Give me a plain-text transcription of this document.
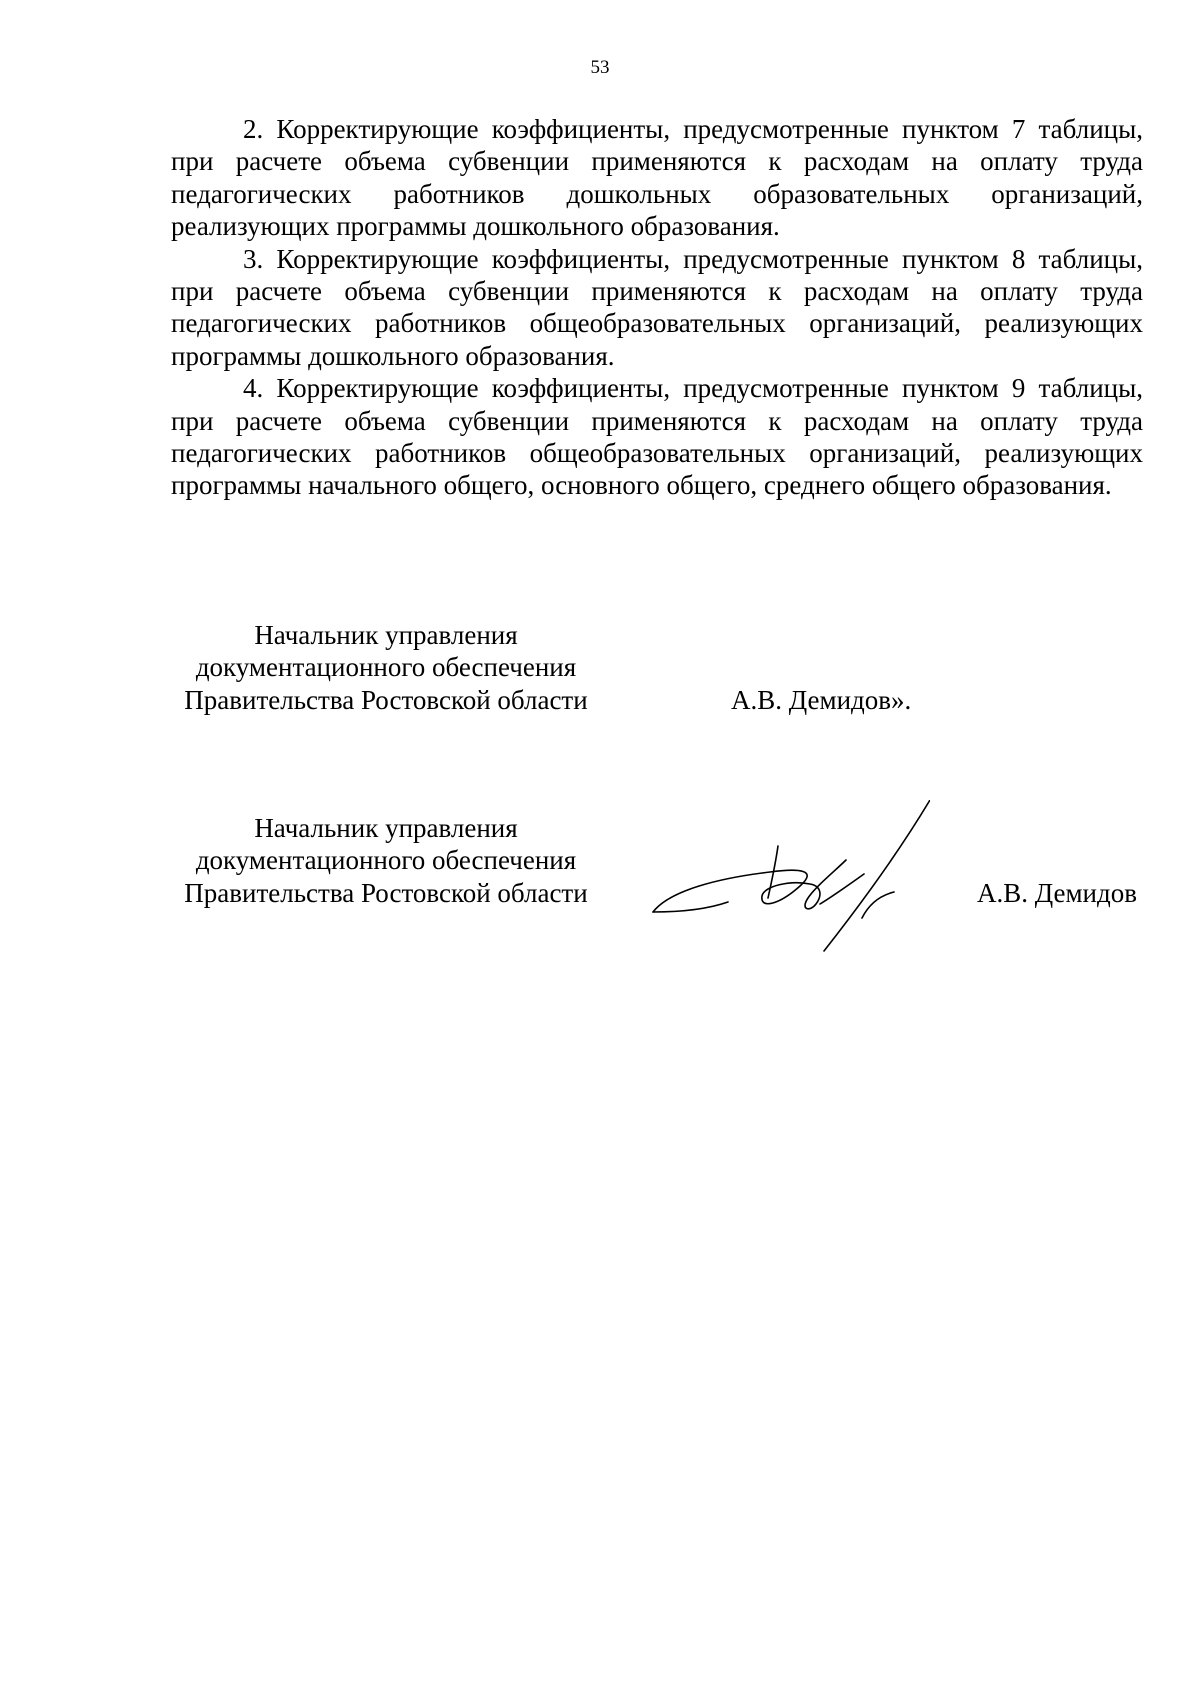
53

2. Корректирующие коэффициенты, предусмотренные пунктом 7 таблицы, при расчете объема субвенции применяются к расходам на оплату труда педагогических работников дошкольных образовательных организаций, реализующих программы дошкольного образования.

3. Корректирующие коэффициенты, предусмотренные пунктом 8 таблицы, при расчете объема субвенции применяются к расходам на оплату труда педагогических работников общеобразовательных организаций, реализующих программы дошкольного образования.

4. Корректирующие коэффициенты, предусмотренные пунктом 9 таблицы, при расчете объема субвенции применяются к расходам на оплату труда педагогических работников общеобразовательных организаций, реализующих программы начального общего, основного общего, среднего общего образования.

Начальник управления
документационного обеспечения
Правительства Ростовской области	А.В. Демидов».
Начальник управления
документационного обеспечения
Правительства Ростовской области	А.В. Демидов
